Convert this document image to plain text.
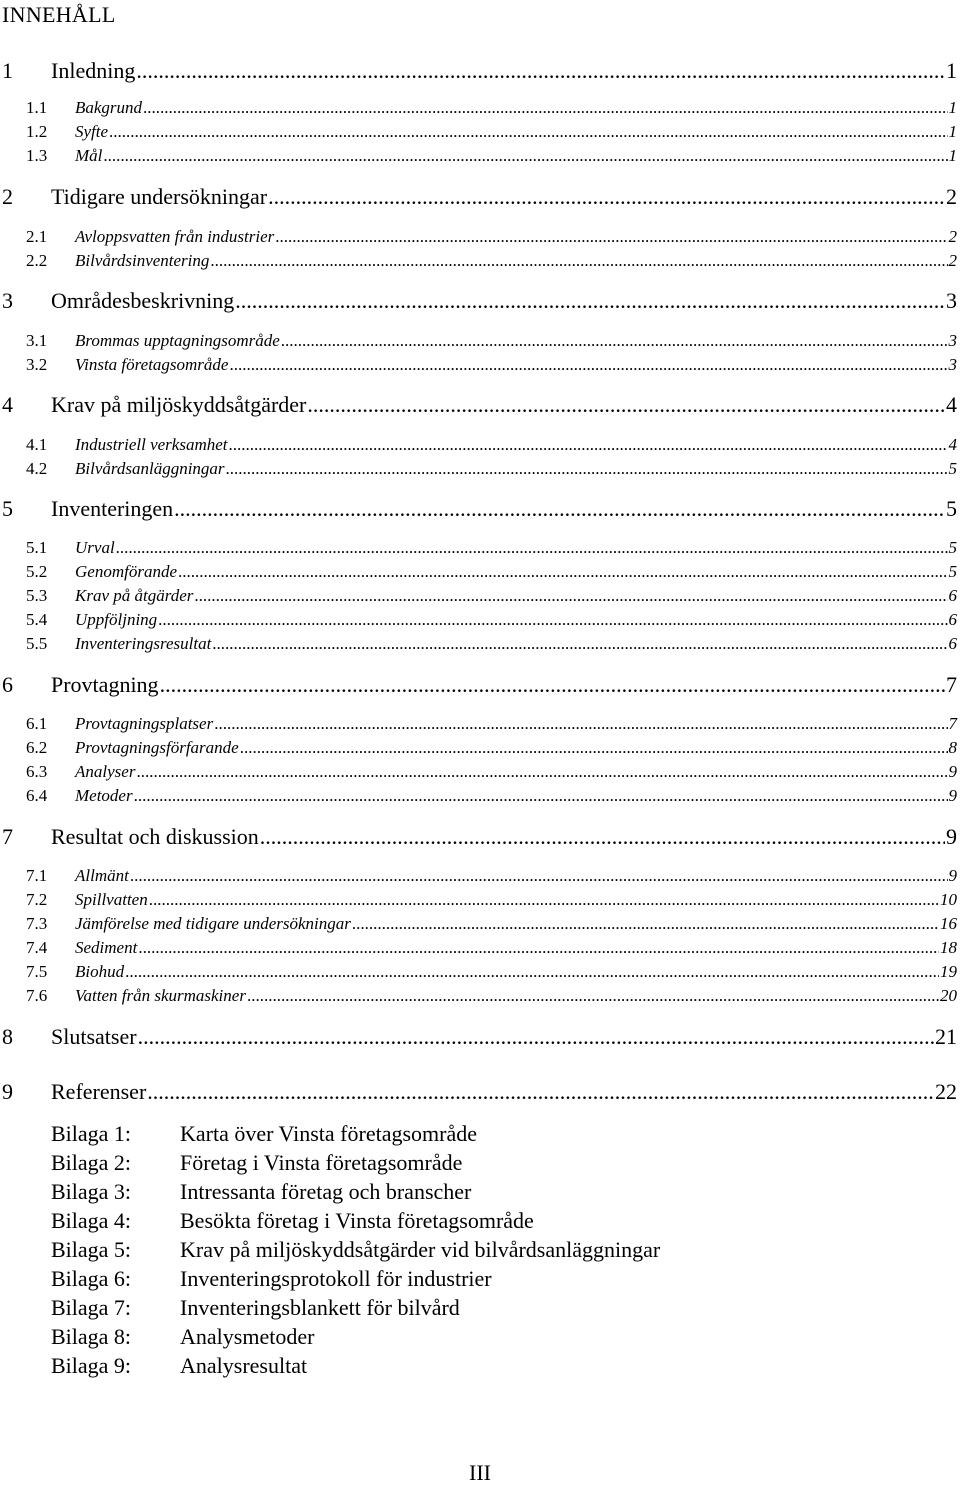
INNEHÅLL
1 Inledning .....	1
1.1 Bakgrund .....	1
1.2 Syfte .....	1
1.3 Mål .....	1
2 Tidigare undersökningar .....	2
2.1 Avloppsvatten från industrier .....	2
2.2 Bilvårdsinventering .....	2
3 Områdesbeskrivning .....	3
3.1 Brommas upptagningsområde .....	3
3.2 Vinsta företagsområde .....	3
4 Krav på miljöskyddsåtgärder .....	4
4.1 Industriell verksamhet .....	4
4.2 Bilvårdsanläggningar .....	5
5 Inventeringen .....	5
5.1 Urval .....	5
5.2 Genomförande .....	5
5.3 Krav på åtgärder .....	6
5.4 Uppföljning .....	6
5.5 Inventeringsresultat .....	6
6 Provtagning .....	7
6.1 Provtagningsplatser .....	7
6.2 Provtagningsförfarande .....	8
6.3 Analyser .....	9
6.4 Metoder .....	9
7 Resultat och diskussion .....	9
7.1 Allmänt .....	9
7.2 Spillvatten .....	10
7.3 Jämförelse med tidigare undersökningar .....	16
7.4 Sediment .....	18
7.5 Biohud .....	19
7.6 Vatten från skurmaskiner .....	20
8 Slutsatser .....	21
9 Referenser .....	22
Bilaga 1: Karta över Vinsta företagsområde
Bilaga 2: Företag i Vinsta företagsområde
Bilaga 3: Intressanta företag och branscher
Bilaga 4: Besökta företag i Vinsta företagsområde
Bilaga 5: Krav på miljöskyddsåtgärder vid bilvårdsanläggningar
Bilaga 6: Inventeringsprotokoll för industrier
Bilaga 7: Inventeringsblankett för bilvård
Bilaga 8: Analysmetoder
Bilaga 9: Analysresultat
III
